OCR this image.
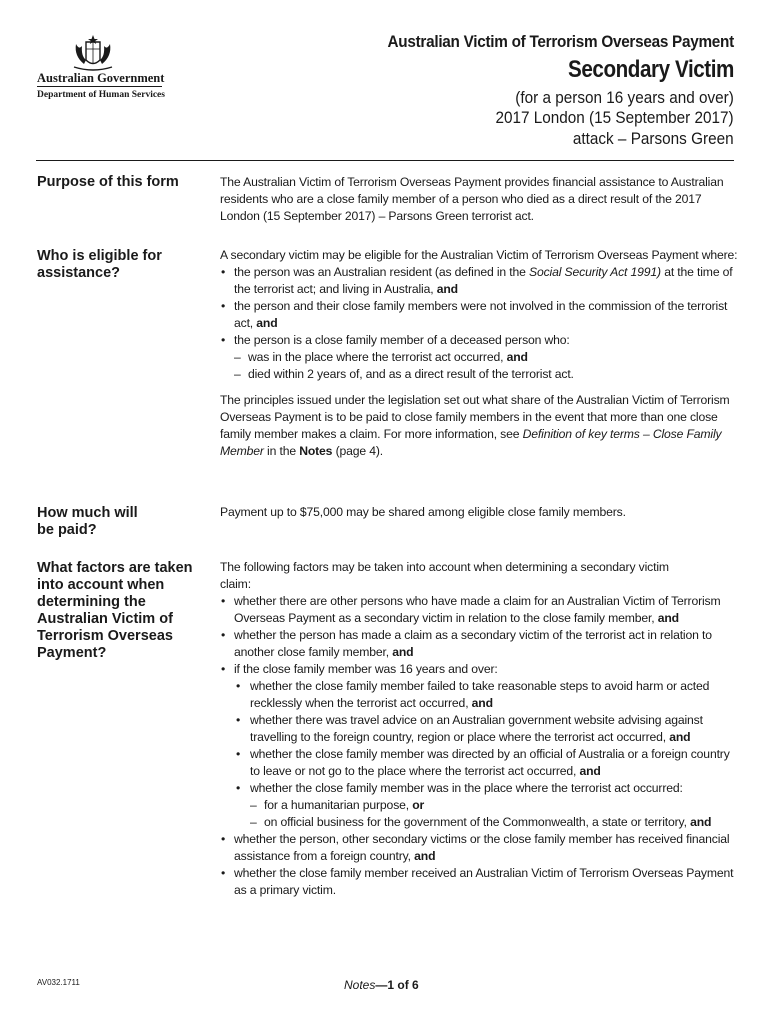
Australian Government
Department of Human Services
Australian Victim of Terrorism Overseas Payment
Secondary Victim
(for a person 16 years and over)
2017 London (15 September 2017)
attack – Parsons Green
Purpose of this form	The Australian Victim of Terrorism Overseas Payment provides financial assistance to Australian residents who are a close family member of a person who died as a direct result of the 2017 London (15 September 2017) – Parsons Green terrorist act.

Who is eligible for assistance?

A secondary victim may be eligible for the Australian Victim of Terrorism Overseas Payment where:

• the person was an Australian resident (as defined in the Social Security Act 1991) at the time of the terrorist act; and living in Australia, and
• the person and their close family members were not involved in the commission of the terrorist act, and
• the person is a close family member of a deceased person who:
– was in the place where the terrorist act occurred, and
– died within 2 years of, and as a direct result of the terrorist act.

The principles issued under the legislation set out what share of the Australian Victim of Terrorism Overseas Payment is to be paid to close family members in the event that more than one close family member makes a claim. For more information, see Definition of key terms – Close Family Member in the Notes (page 4).

How much will be paid?

Payment up to $75,000 may be shared among eligible close family members.

What factors are taken into account when determining the Australian Victim of Terrorism Overseas Payment?

The following factors may be taken into account when determining a secondary victim claim:

• whether there are other persons who have made a claim for an Australian Victim of Terrorism Overseas Payment as a secondary victim in relation to the close family member, and
• whether the person has made a claim as a secondary victim of the terrorist act in relation to another close family member, and
• if the close family member was 16 years and over:
• whether the close family member failed to take reasonable steps to avoid harm or acted recklessly when the terrorist act occurred, and
• whether there was travel advice on an Australian government website advising against travelling to the foreign country, region or place where the terrorist act occurred, and
• whether the close family member was directed by an official of Australia or a foreign country to leave or not go to the place where the terrorist act occurred, and
• whether the close family member was in the place where the terrorist act occurred:
– for a humanitarian purpose, or
– on official business for the government of the Commonwealth, a state or territory, and
• whether the person, other secondary victims or the close family member has received financial assistance from a foreign country, and
• whether the close family member received an Australian Victim of Terrorism Overseas Payment as a primary victim.
AV032.1711	Notes—1 of 6
